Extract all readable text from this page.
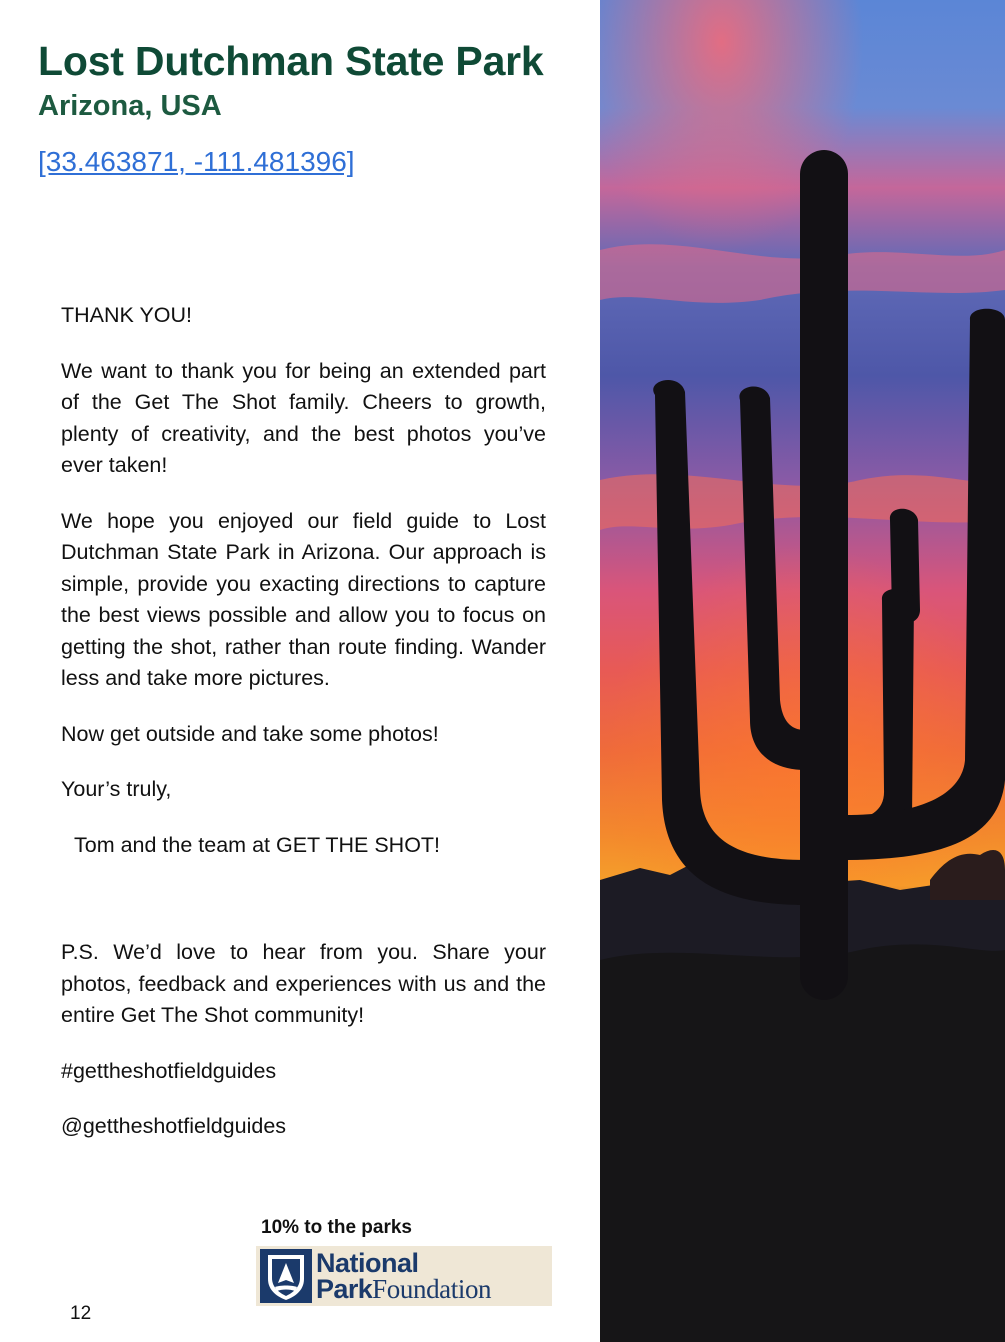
Lost Dutchman State Park
Arizona, USA
[33.463871, -111.481396]

THANK YOU!

We want to thank you for being an extended part of the Get The Shot family. Cheers to growth, plenty of creativity, and the best photos you’ve ever taken!

We hope you enjoyed our field guide to Lost Dutchman State Park in Arizona. Our approach is simple, provide you exacting directions to capture the best views possible and allow you to focus on getting the shot, rather than route finding. Wander less and take more pictures.

Now get outside and take some photos!

Your’s truly,

Tom and the team at GET THE SHOT!

P.S. We’d love to hear from you. Share your photos, feedback and experiences with us and the entire Get The Shot community!

#gettheshotfieldguides

@gettheshotfieldguides

10% to the parks
National
ParkFoundation
12
